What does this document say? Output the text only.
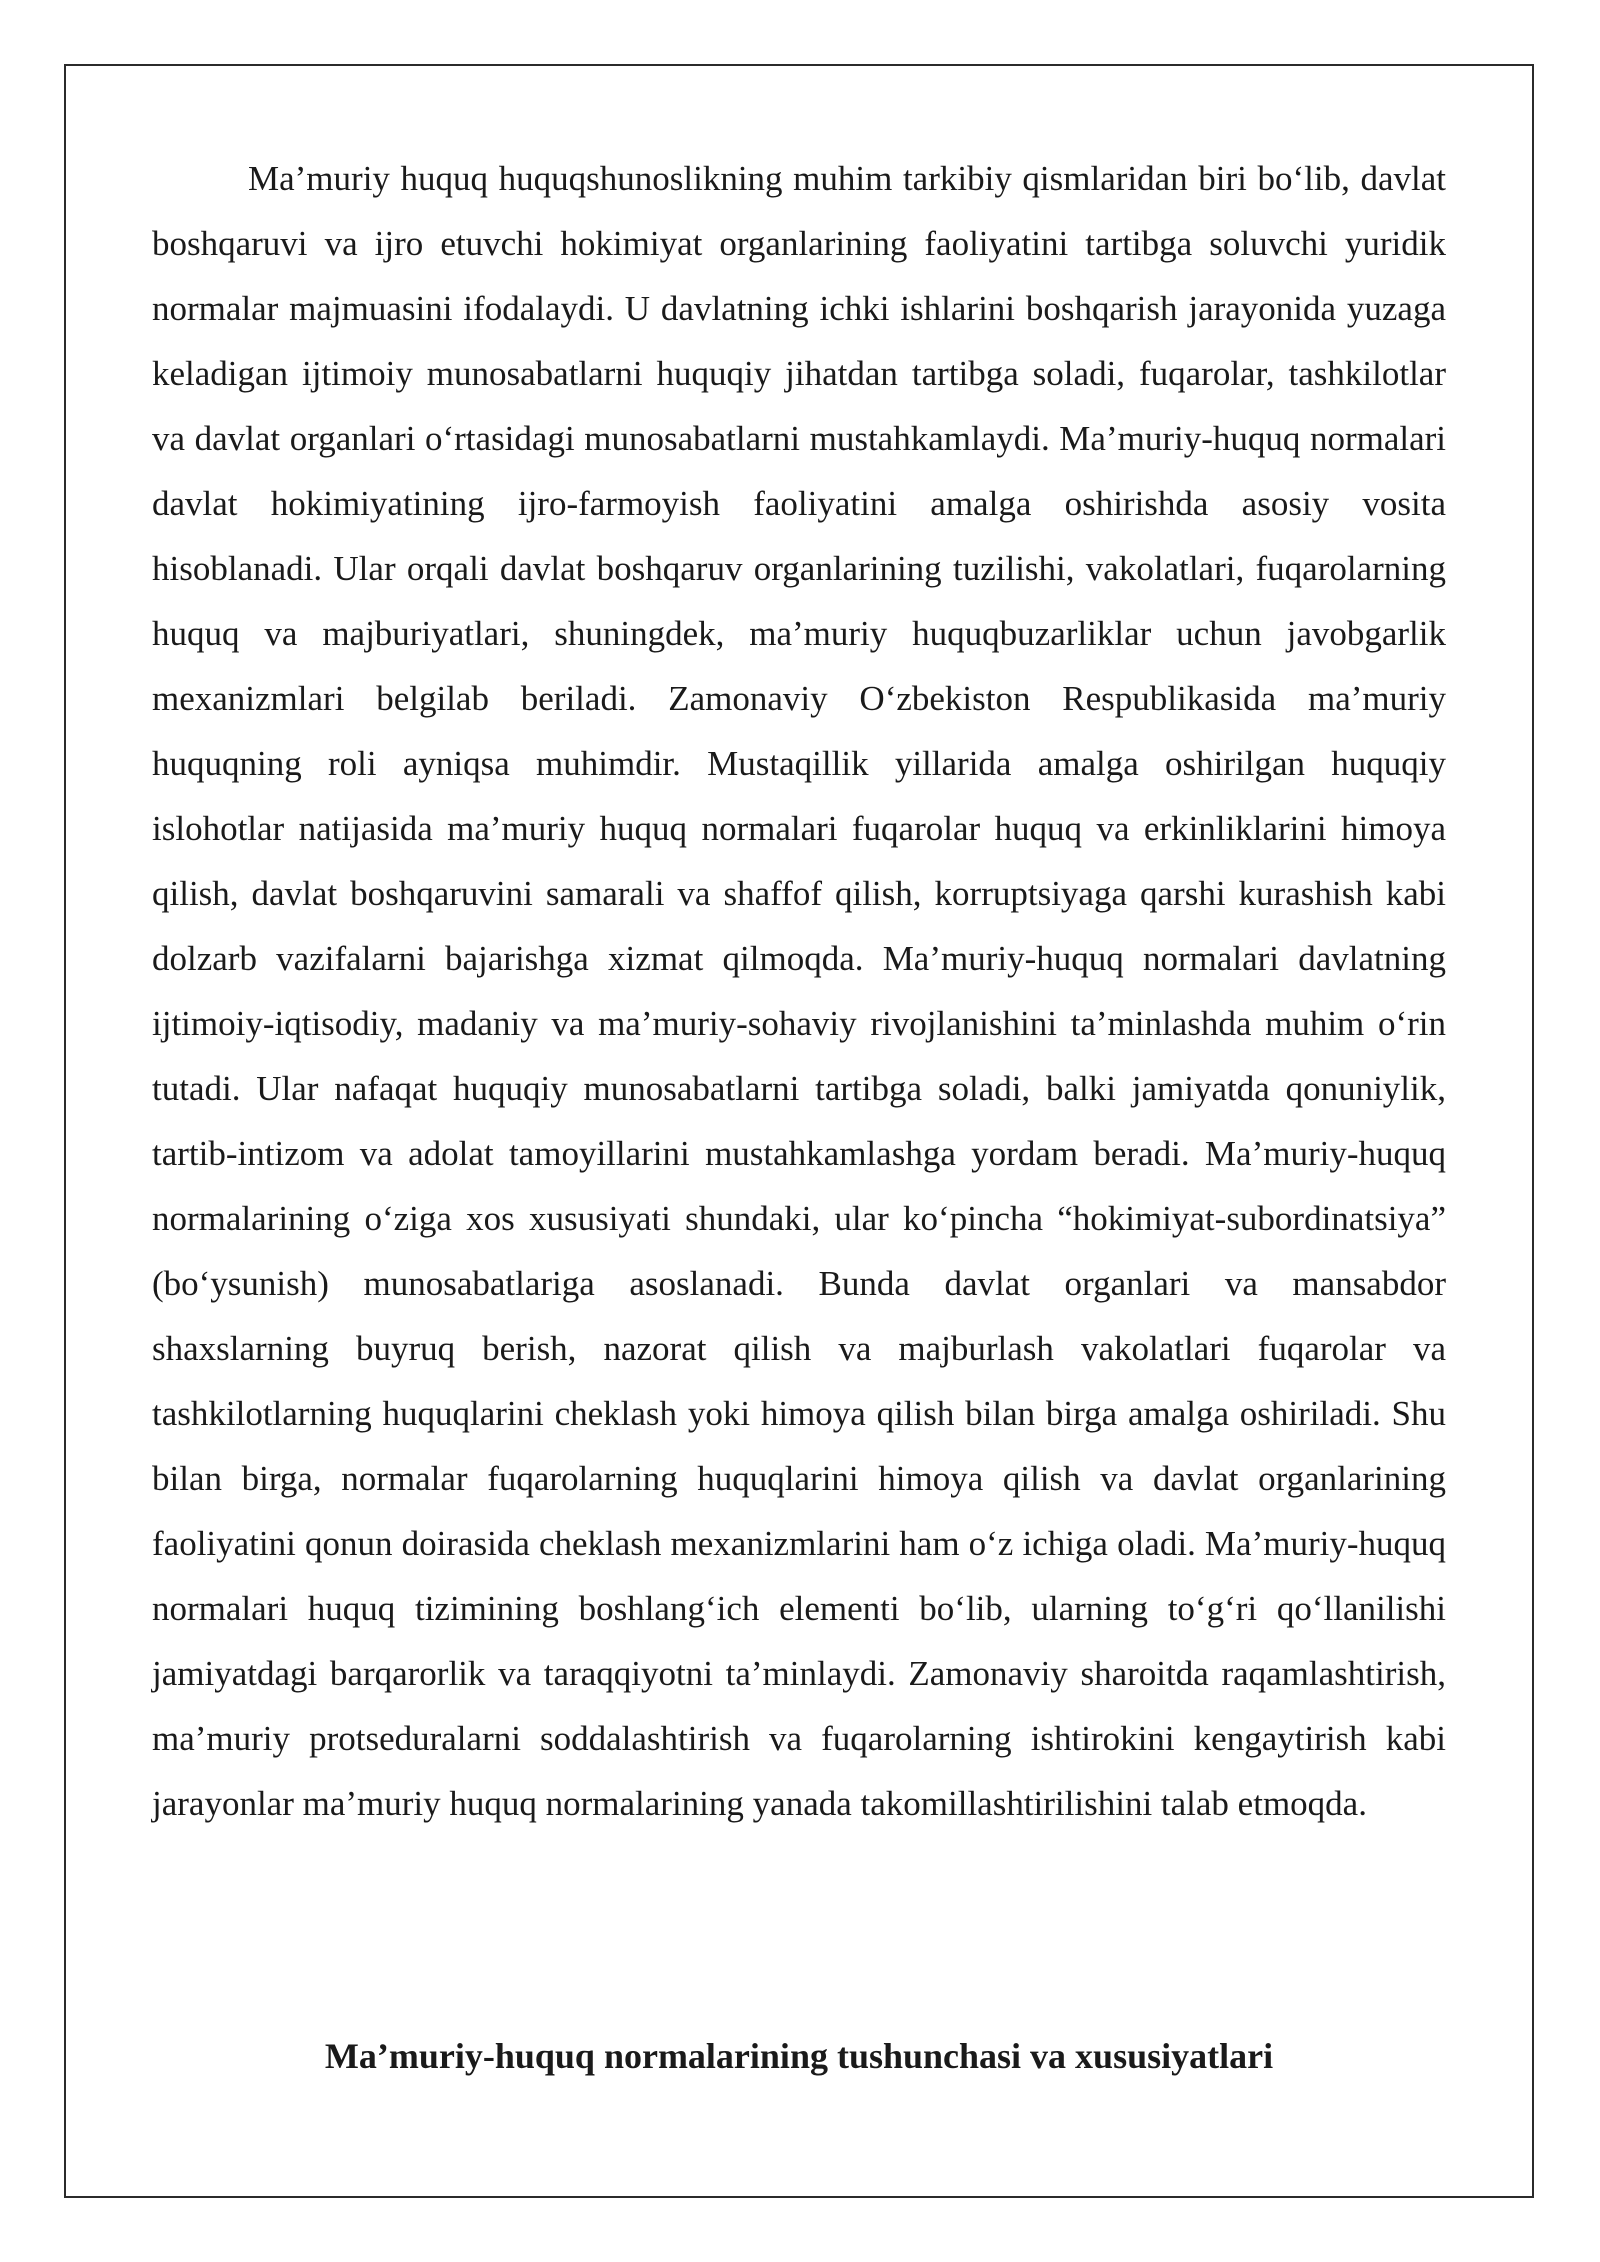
Ma’muriy huquq huquqshunoslikning muhim tarkibiy qismlaridan biri bo‘lib, davlat boshqaruvi va ijro etuvchi hokimiyat organlarining faoliyatini tartibga soluvchi yuridik normalar majmuasini ifodalaydi. U davlatning ichki ishlarini boshqarish jarayonida yuzaga keladigan ijtimoiy munosabatlarni huquqiy jihatdan tartibga soladi, fuqarolar, tashkilotlar va davlat organlari o‘rtasidagi munosabatlarni mustahkamlaydi. Ma’muriy-huquq normalari davlat hokimiyatining ijro-farmoyish faoliyatini amalga oshirishda asosiy vosita hisoblanadi. Ular orqali davlat boshqaruv organlarining tuzilishi, vakolatlari, fuqarolarning huquq va majburiyatlari, shuningdek, ma’muriy huquqbuzarliklar uchun javobgarlik mexanizmlari belgilab beriladi. Zamonaviy O‘zbekiston Respublikasida ma’muriy huquqning roli ayniqsa muhimdir. Mustaqillik yillarida amalga oshirilgan huquqiy islohotlar natijasida ma’muriy huquq normalari fuqarolar huquq va erkinliklarini himoya qilish, davlat boshqaruvini samarali va shaffof qilish, korruptsiyaga qarshi kurashish kabi dolzarb vazifalarni bajarishga xizmat qilmoqda. Ma’muriy-huquq normalari davlatning ijtimoiy-iqtisodiy, madaniy va ma’muriy-sohaviy rivojlanishini ta’minlashda muhim o‘rin tutadi. Ular nafaqat huquqiy munosabatlarni tartibga soladi, balki jamiyatda qonuniylik, tartib-intizom va adolat tamoyillarini mustahkamlashga yordam beradi. Ma’muriy-huquq normalarining o‘ziga xos xususiyati shundaki, ular ko‘pincha “hokimiyat-subordinatsiya” (bo‘ysunish) munosabatlariga asoslanadi. Bunda davlat organlari va mansabdor shaxslarning buyruq berish, nazorat qilish va majburlash vakolatlari fuqarolar va tashkilotlarning huquqlarini cheklash yoki himoya qilish bilan birga amalga oshiriladi. Shu bilan birga, normalar fuqarolarning huquqlarini himoya qilish va davlat organlarining faoliyatini qonun doirasida cheklash mexanizmlarini ham o‘z ichiga oladi. Ma’muriy-huquq normalari huquq tizimining boshlang‘ich elementi bo‘lib, ularning to‘g‘ri qo‘llanilishi jamiyatdagi barqarorlik va taraqqiyotni ta’minlaydi. Zamonaviy sharoitda raqamlashtirish, ma’muriy protseduralarni soddalashtirish va fuqarolarning ishtirokini kengaytirish kabi jarayonlar ma’muriy huquq normalarining yanada takomillashtirilishini talab etmoqda.

Ma’muriy-huquq normalarining tushunchasi va xususiyatlari
